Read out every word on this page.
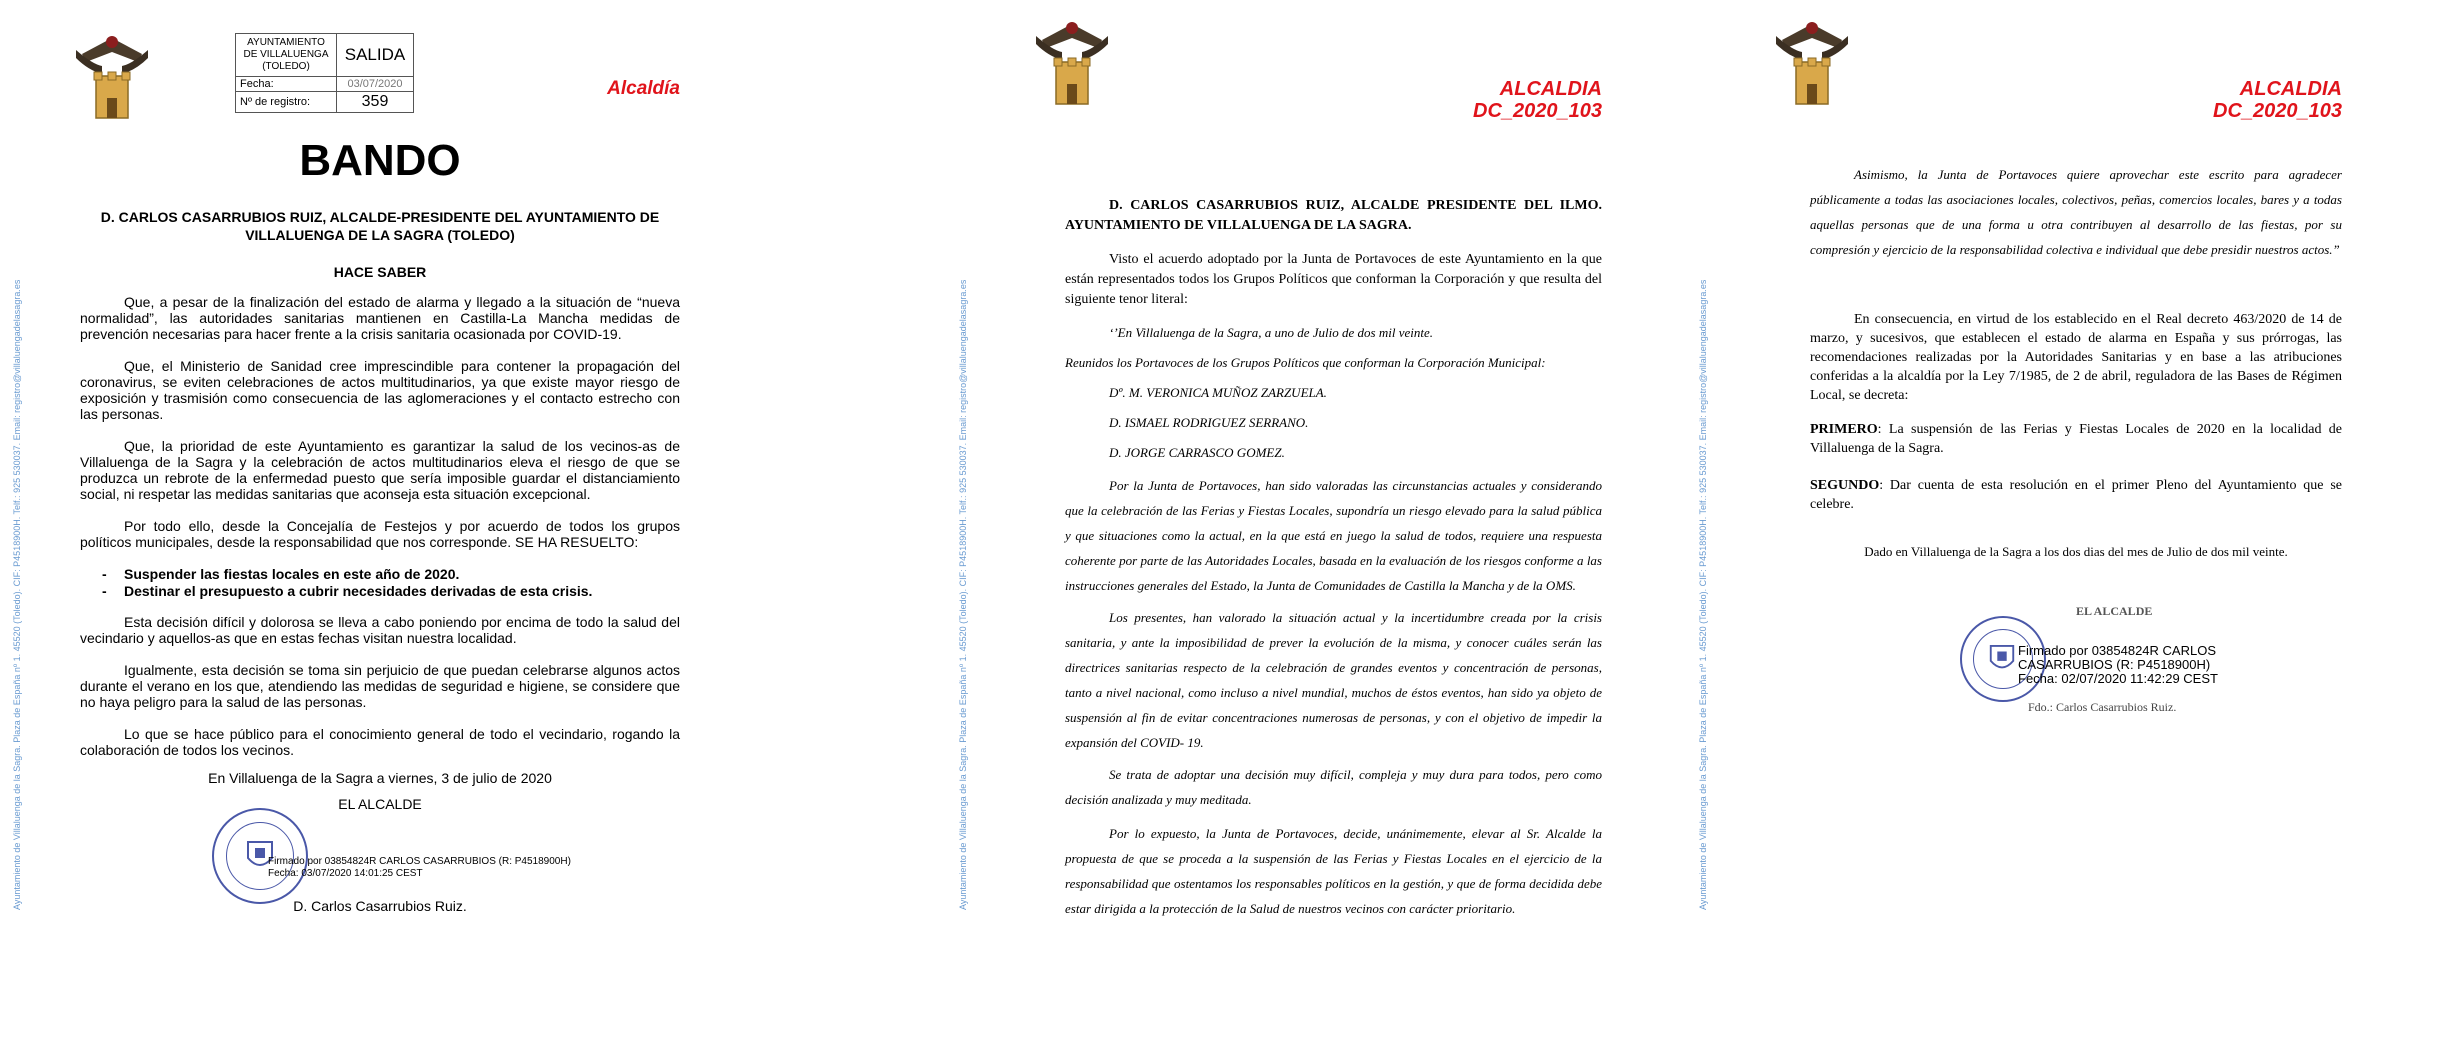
AYUNTAMIENTO DE VILLALUENGA (TOLEDO)	SALIDA
Fecha:	03/07/2020
Nº de registro:	359
Alcaldía
BANDO
D. CARLOS CASARRUBIOS RUIZ, ALCALDE-PRESIDENTE DEL AYUNTAMIENTO DE VILLALUENGA DE LA SAGRA (TOLEDO)
HACE SABER

Que, a pesar de la finalización del estado de alarma y llegado a la situación de “nueva normalidad”, las autoridades sanitarias mantienen en Castilla-La Mancha medidas de prevención necesarias para hacer frente a la crisis sanitaria ocasionada por COVID-19.

Que, el Ministerio de Sanidad cree imprescindible para contener la propagación del coronavirus, se eviten celebraciones de actos multitudinarios, ya que existe mayor riesgo de exposición y trasmisión como consecuencia de las aglomeraciones y el contacto estrecho con las personas.

Que, la prioridad de este Ayuntamiento es garantizar la salud de los vecinos-as de Villaluenga de la Sagra y la celebración de actos multitudinarios eleva el riesgo de que se produzca un rebrote de la enfermedad puesto que sería imposible guardar el distanciamiento social, ni respetar las medidas sanitarias que aconseja esta situación excepcional.

Por todo ello, desde la Concejalía de Festejos y por acuerdo de todos los grupos políticos municipales, desde la responsabilidad que nos corresponde. SE HA RESUELTO:

- Suspender las fiestas locales en este año de 2020.
- Destinar el presupuesto a cubrir necesidades derivadas de esta crisis.

Esta decisión difícil y dolorosa se lleva a cabo poniendo por encima de todo la salud del vecindario y aquellos-as que en estas fechas visitan nuestra localidad.

Igualmente, esta decisión se toma sin perjuicio de que puedan celebrarse algunos actos durante el verano en los que, atendiendo las medidas de seguridad e higiene, se considere que no haya peligro para la salud de las personas.

Lo que se hace público para el conocimiento general de todo el vecindario, rogando la colaboración de todos los vecinos.

En Villaluenga de la Sagra a viernes, 3 de julio de 2020
EL ALCALDE
Firmado por 03854824R CARLOS CASARRUBIOS (R: P4518900H)
Fecha: 03/07/2020 14:01:25 CEST
D. Carlos Casarrubios Ruiz.
Ayuntamiento de Villaluenga de la Sagra. Plaza de España nº 1. 45520 (Toledo). CIF: P4518900H. Telf.: 925 530037. Email: registro@villaluengadelasagra.es
ALCALDIA
DC_2020_103
D. CARLOS CASARRUBIOS RUIZ, ALCALDE PRESIDENTE DEL ILMO. AYUNTAMIENTO DE VILLALUENGA DE LA SAGRA.
Visto el acuerdo adoptado por la Junta de Portavoces de este Ayuntamiento en la que están representados todos los Grupos Políticos que conforman la Corporación y que resulta del siguiente tenor literal:
‘’En Villaluenga de la Sagra, a uno de Julio de dos mil veinte.
Reunidos los Portavoces de los Grupos Políticos que conforman la Corporación Municipal:
Dº. M. VERONICA MUÑOZ ZARZUELA.
D. ISMAEL RODRIGUEZ SERRANO.
D. JORGE CARRASCO GOMEZ.
Por la Junta de Portavoces, han sido valoradas las circunstancias actuales y considerando que la celebración de las Ferias y Fiestas Locales, supondría un riesgo elevado para la salud pública y que situaciones como la actual, en la que está en juego la salud de todos, requiere una respuesta coherente por parte de las Autoridades Locales, basada en la evaluación de los riesgos conforme a las instrucciones generales del Estado, la Junta de Comunidades de Castilla la Mancha y de la OMS.
Los presentes, han valorado la situación actual y la incertidumbre creada por la crisis sanitaria, y ante la imposibilidad de prever la evolución de la misma, y conocer cuáles serán las directrices sanitarias respecto de la celebración de grandes eventos y concentración de personas, tanto a nivel nacional, como incluso a nivel mundial, muchos de éstos eventos, han sido ya objeto de suspensión al fin de evitar concentraciones numerosas de personas, y con el objetivo de impedir la expansión del COVID- 19.
Se trata de adoptar una decisión muy difícil, compleja y muy dura para todos, pero como decisión analizada y muy meditada.
Por lo expuesto, la Junta de Portavoces, decide, unánimemente, elevar al Sr. Alcalde la propuesta de que se proceda a la suspensión de las Ferias y Fiestas Locales en el ejercicio de la responsabilidad que ostentamos los responsables políticos en la gestión, y que de forma decidida debe estar dirigida a la protección de la Salud de nuestros vecinos con carácter prioritario.
Ayuntamiento de Villaluenga de la Sagra. Plaza de España nº 1. 45520 (Toledo). CIF: P4518900H. Telf.: 925 530037. Email: registro@villaluengadelasagra.es
ALCALDIA
DC_2020_103
Asimismo, la Junta de Portavoces quiere aprovechar este escrito para agradecer públicamente a todas las asociaciones locales, colectivos, peñas, comercios locales, bares y a todas aquellas personas que de una forma u otra contribuyen al desarrollo de las fiestas, por su compresión y ejercicio de la responsabilidad colectiva e individual que debe presidir nuestros actos.”
En consecuencia, en virtud de los establecido en el Real decreto 463/2020 de 14 de marzo, y sucesivos, que establecen el estado de alarma en España y sus prórrogas, las recomendaciones realizadas por la Autoridades Sanitarias y en base a las atribuciones conferidas a la alcaldía por la Ley 7/1985, de 2 de abril, reguladora de las Bases de Régimen Local, se decreta:
PRIMERO: La suspensión de las Ferias y Fiestas Locales de 2020 en la localidad de Villaluenga de la Sagra.
SEGUNDO: Dar cuenta de esta resolución en el primer Pleno del Ayuntamiento que se celebre.
Dado en Villaluenga de la Sagra a los dos dias del mes de Julio de dos mil veinte.
EL ALCALDE
Firmado por 03854824R CARLOS
CASARRUBIOS (R: P4518900H)
Fecha: 02/07/2020 11:42:29 CEST
Fdo.: Carlos Casarrubios Ruiz.
Ayuntamiento de Villaluenga de la Sagra. Plaza de España nº 1. 45520 (Toledo). CIF: P4518900H. Telf.: 925 530037. Email: registro@villaluengadelasagra.es
